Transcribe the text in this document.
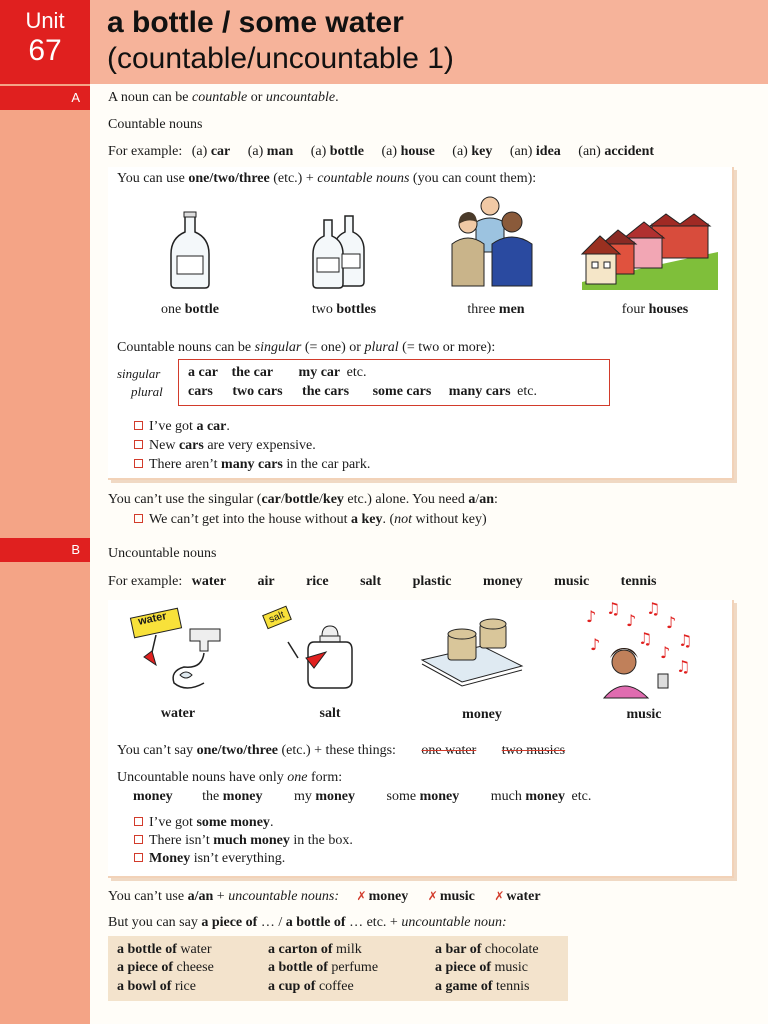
Unit
67
a bottle / some water
(countable/uncountable 1)
A	A noun can be countable or uncountable.
Countable nouns
For example: (a) car (a) man (a) bottle (a) house (a) key (an) idea (an) accident
You can use one/two/three (etc.) + countable nouns (you can count them):
one bottle	two bottles	three men	four houses
Countable nouns can be singular (= one) or plural (= two or more):
singular
plural
a car the car my car etc.
cars two cars the cars some cars many cars etc.
I’ve got a car.
New cars are very expensive.
There aren’t many cars in the car park.
You can’t use the singular (car/bottle/key etc.) alone. You need a/an:
We can’t get into the house without a key. (not without key)
B	Uncountable nouns
For example: water air rice salt plastic money music tennis
salt
water	♪ ♫
♪
♫
♪
♫
♪
♫
♪
♫
water	salt	money	music
You can’t say one/two/three (etc.) + these things: one water two musics
Uncountable nouns have only one form:
money the money my money some money much money etc.
I’ve got some money.
There isn’t much money in the box.
Money isn’t everything.
You can’t use a/an + uncountable nouns: ✗ money ✗ music ✗ water
But you can say a piece of … / a bottle of … etc. + uncountable noun:
a bottle of water	a carton of milk	a bar of chocolate
a piece of cheese	a bottle of perfume	a piece of music
a bowl of rice	a cup of coffee	a game of tennis
